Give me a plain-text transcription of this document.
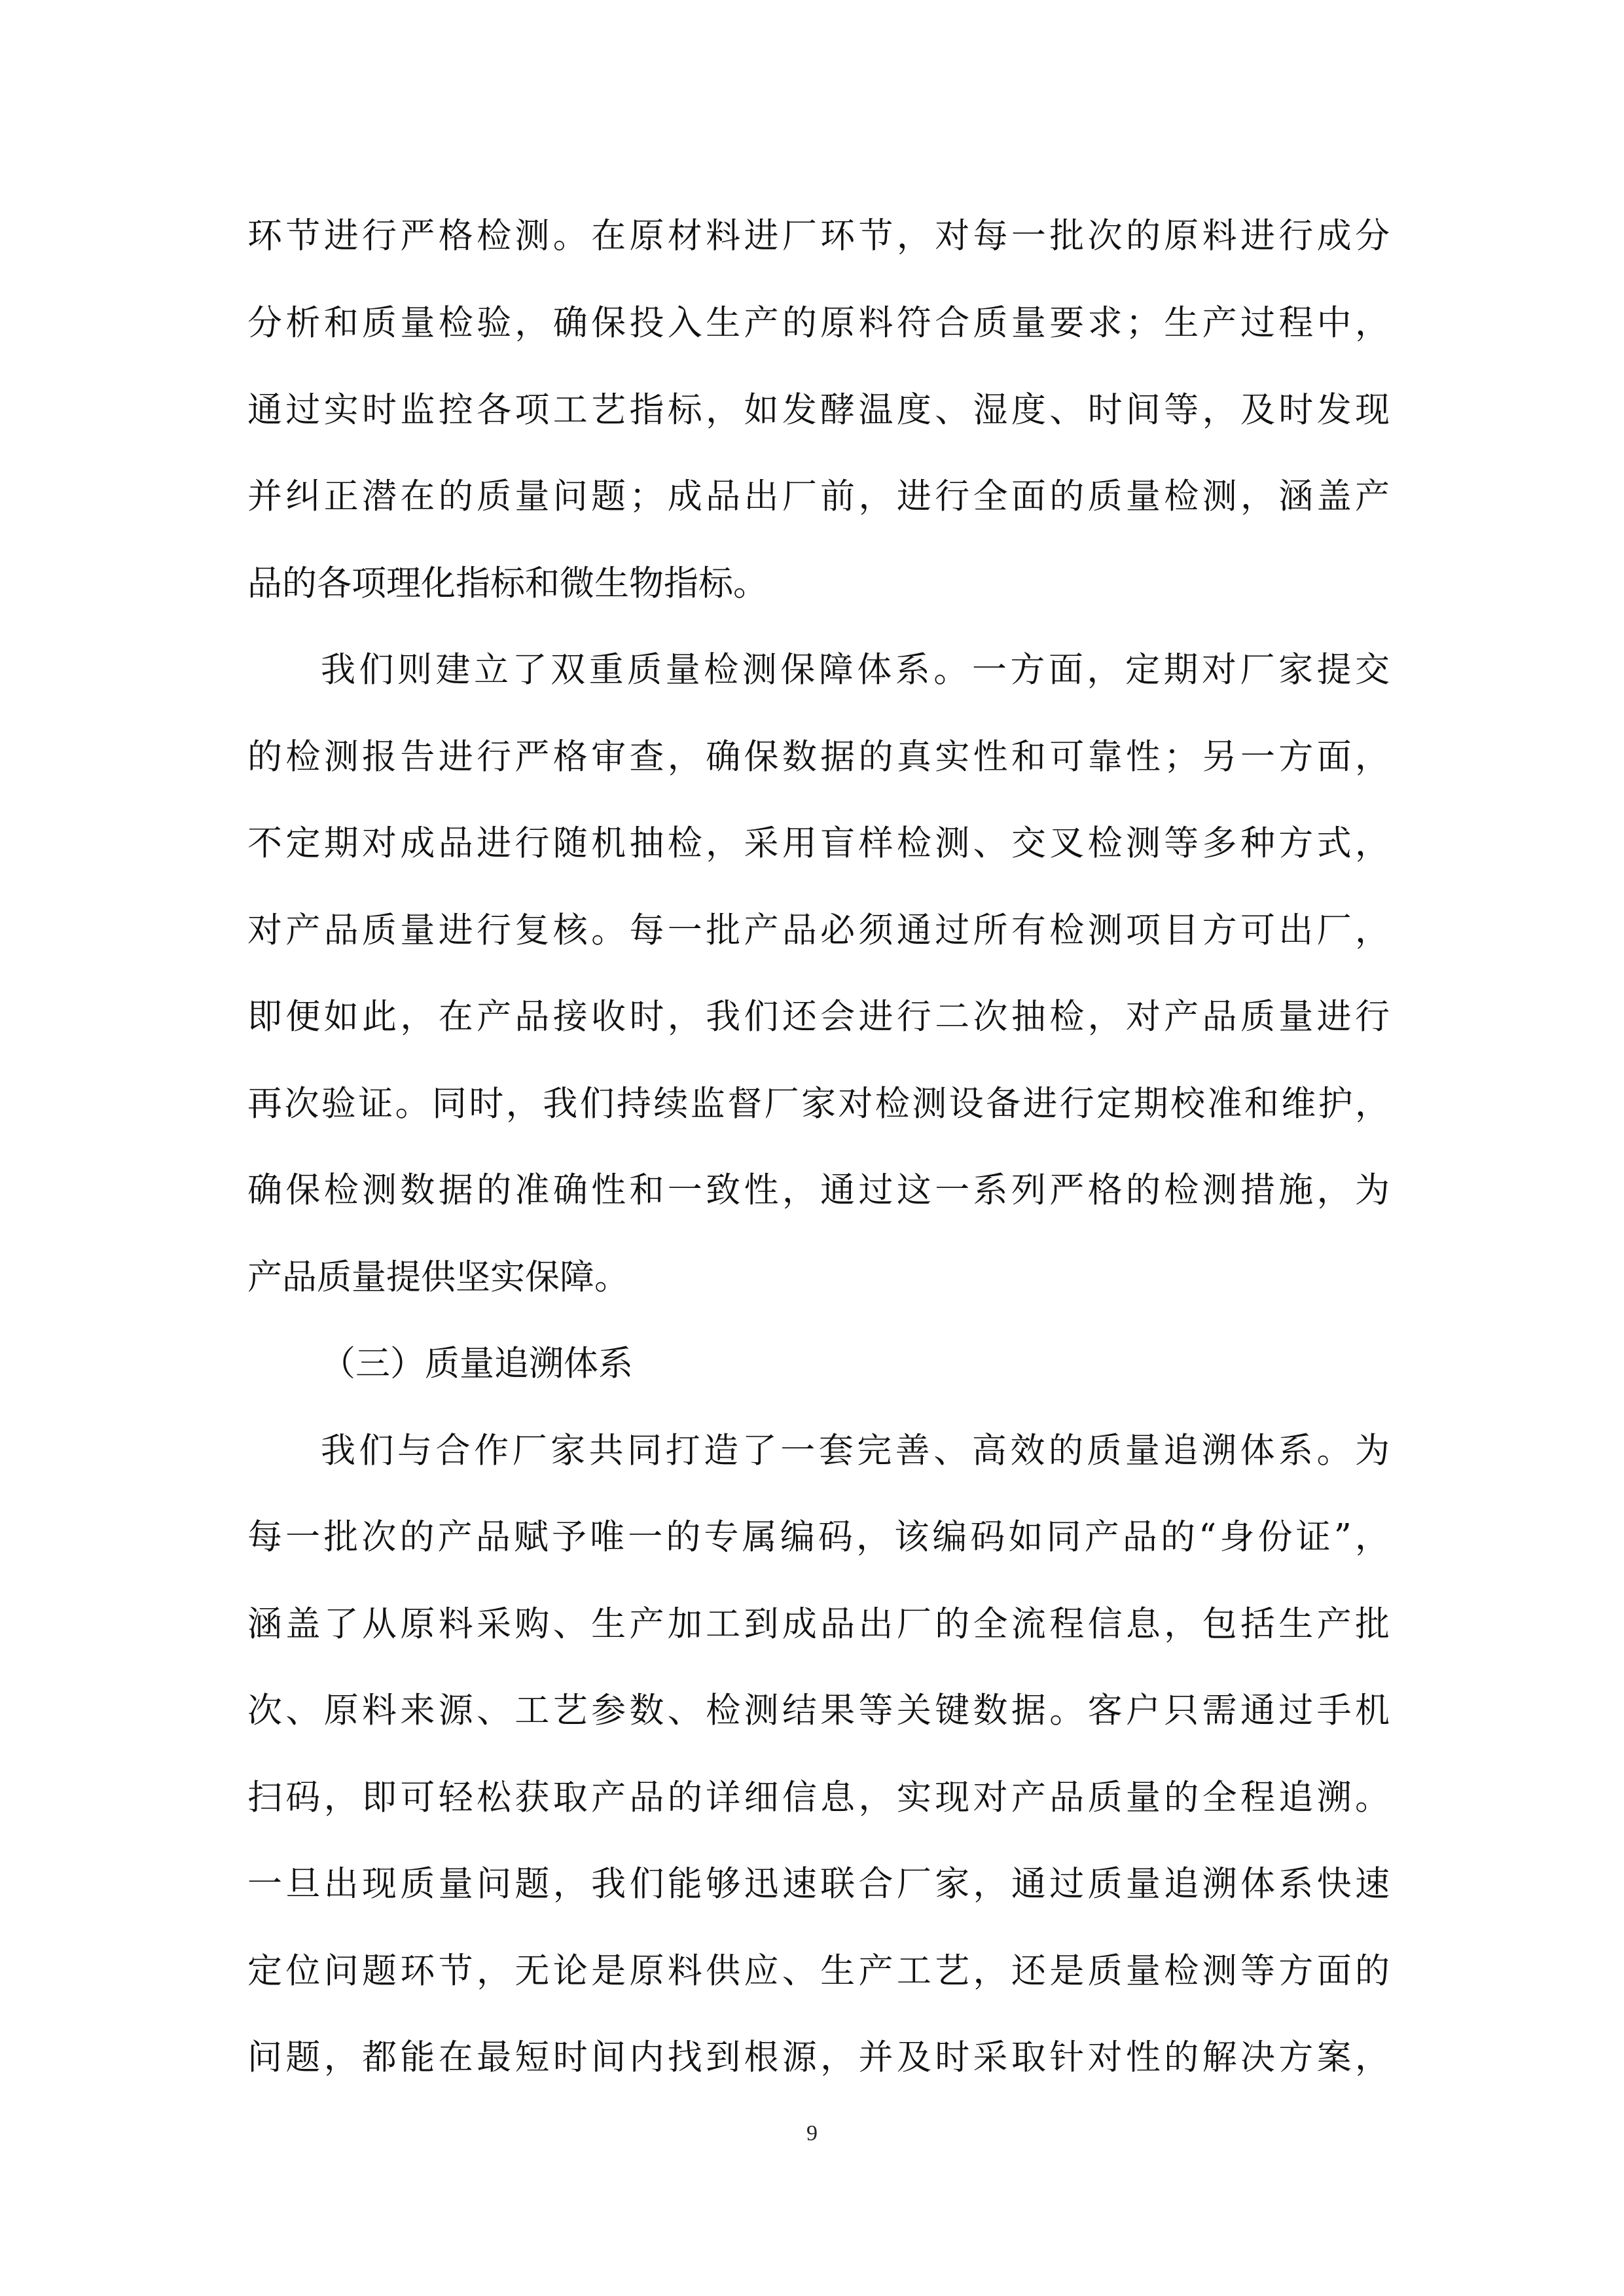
环节进行严格检测。在原材料进厂环节，对每一批次的原料进行成分
分析和质量检验，确保投入生产的原料符合质量要求；生产过程中，
通过实时监控各项工艺指标，如发酵温度、湿度、时间等，及时发现
并纠正潜在的质量问题；成品出厂前，进行全面的质量检测，涵盖产
品的各项理化指标和微生物指标。
我们则建立了双重质量检测保障体系。一方面，定期对厂家提交
的检测报告进行严格审查，确保数据的真实性和可靠性；另一方面，
不定期对成品进行随机抽检，采用盲样检测、交叉检测等多种方式，
对产品质量进行复核。每一批产品必须通过所有检测项目方可出厂，
即便如此，在产品接收时，我们还会进行二次抽检，对产品质量进行
再次验证。同时，我们持续监督厂家对检测设备进行定期校准和维护，
确保检测数据的准确性和一致性，通过这一系列严格的检测措施，为
产品质量提供坚实保障。
（三）质量追溯体系
我们与合作厂家共同打造了一套完善、高效的质量追溯体系。为
每一批次的产品赋予唯一的专属编码，该编码如同产品的“身份证”，
涵盖了从原料采购、生产加工到成品出厂的全流程信息，包括生产批
次、原料来源、工艺参数、检测结果等关键数据。客户只需通过手机
扫码，即可轻松获取产品的详细信息，实现对产品质量的全程追溯。
一旦出现质量问题，我们能够迅速联合厂家，通过质量追溯体系快速
定位问题环节，无论是原料供应、生产工艺，还是质量检测等方面的
问题，都能在最短时间内找到根源，并及时采取针对性的解决方案，
9
